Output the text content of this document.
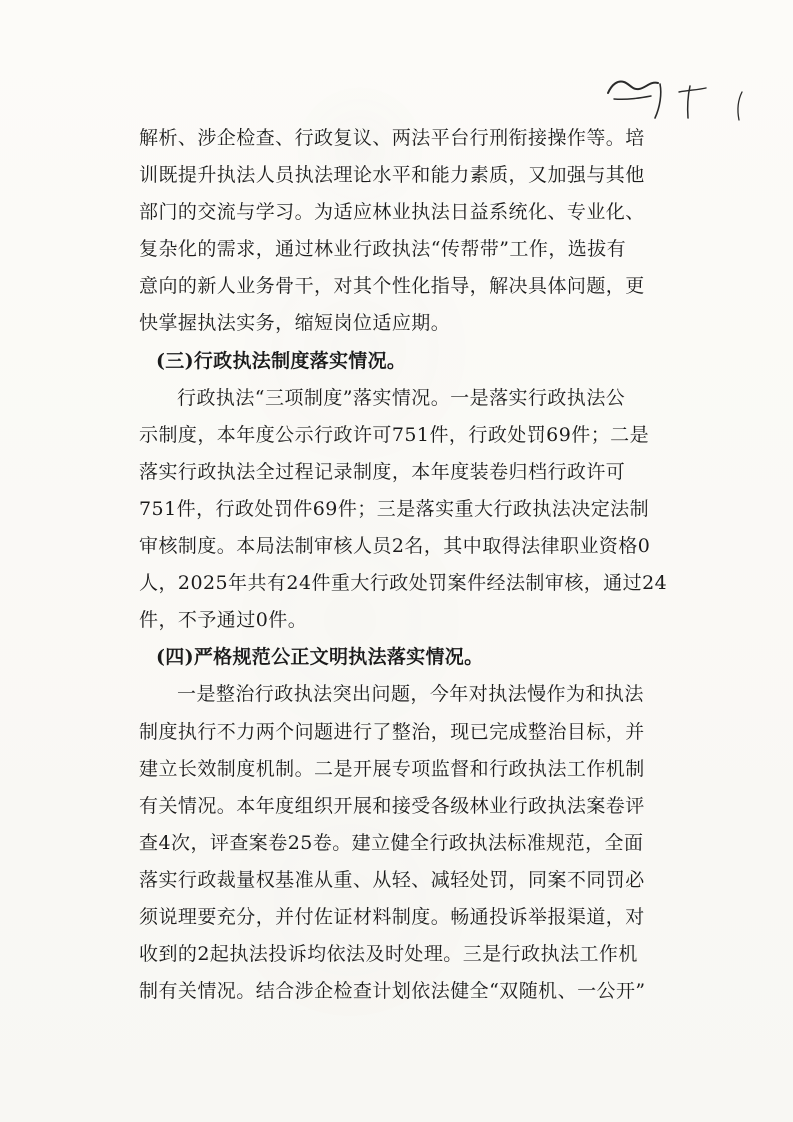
解析、涉企检查、行政复议、两法平台行刑衔接操作等。培
训既提升执法人员执法理论水平和能力素质，又加强与其他
部门的交流与学习。为适应林业执法日益系统化、专业化、
复杂化的需求，通过林业行政执法“传帮带”工作，选拔有
意向的新人业务骨干，对其个性化指导，解决具体问题，更
快掌握执法实务，缩短岗位适应期。
(三)行政执法制度落实情况。
行政执法“三项制度”落实情况。一是落实行政执法公
示制度，本年度公示行政许可751件，行政处罚69件；二是
落实行政执法全过程记录制度，本年度装卷归档行政许可
751件，行政处罚件69件；三是落实重大行政执法决定法制
审核制度。本局法制审核人员2名，其中取得法律职业资格0
人，2025年共有24件重大行政处罚案件经法制审核，通过24
件，不予通过0件。
(四)严格规范公正文明执法落实情况。
一是整治行政执法突出问题，今年对执法慢作为和执法
制度执行不力两个问题进行了整治，现已完成整治目标，并
建立长效制度机制。二是开展专项监督和行政执法工作机制
有关情况。本年度组织开展和接受各级林业行政执法案卷评
查4次，评查案卷25卷。建立健全行政执法标准规范，全面
落实行政裁量权基准从重、从轻、减轻处罚，同案不同罚必
须说理要充分，并付佐证材料制度。畅通投诉举报渠道，对
收到的2起执法投诉均依法及时处理。三是行政执法工作机
制有关情况。结合涉企检查计划依法健全“双随机、一公开”
